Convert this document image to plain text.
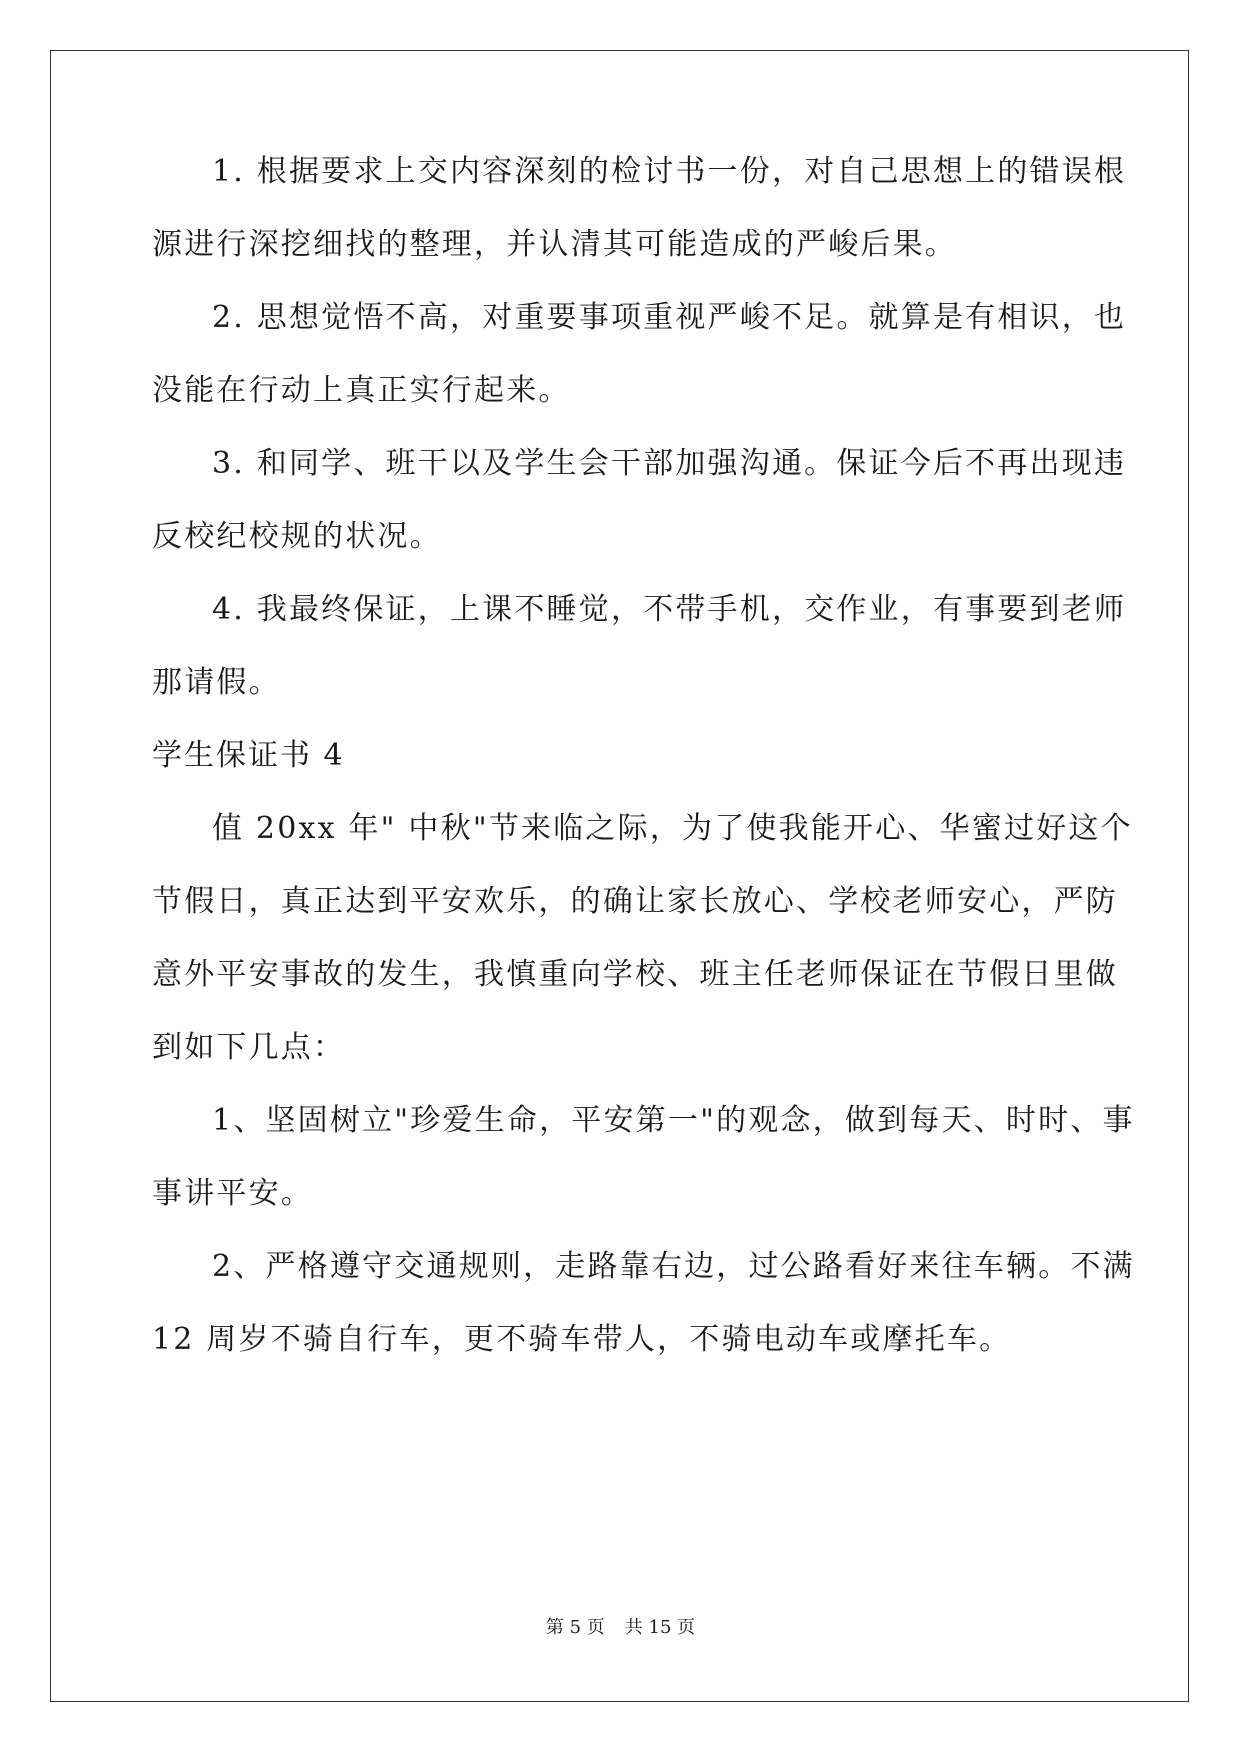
1. 根据要求上交内容深刻的检讨书一份，对自己思想上的错误根
源进行深挖细找的整理，并认清其可能造成的严峻后果。
2. 思想觉悟不高，对重要事项重视严峻不足。就算是有相识，也
没能在行动上真正实行起来。
3. 和同学、班干以及学生会干部加强沟通。保证今后不再出现违
反校纪校规的状况。
4. 我最终保证，上课不睡觉，不带手机，交作业，有事要到老师
那请假。
学生保证书 4
值 20xx 年" 中秋"节来临之际，为了使我能开心、华蜜过好这个
节假日，真正达到平安欢乐，的确让家长放心、学校老师安心，严防
意外平安事故的发生，我慎重向学校、班主任老师保证在节假日里做
到如下几点：
1、坚固树立"珍爱生命，平安第一"的观念，做到每天、时时、事
事讲平安。
2、严格遵守交通规则，走路靠右边，过公路看好来往车辆。不满
12 周岁不骑自行车，更不骑车带人，不骑电动车或摩托车。
第 5 页 共 15 页
